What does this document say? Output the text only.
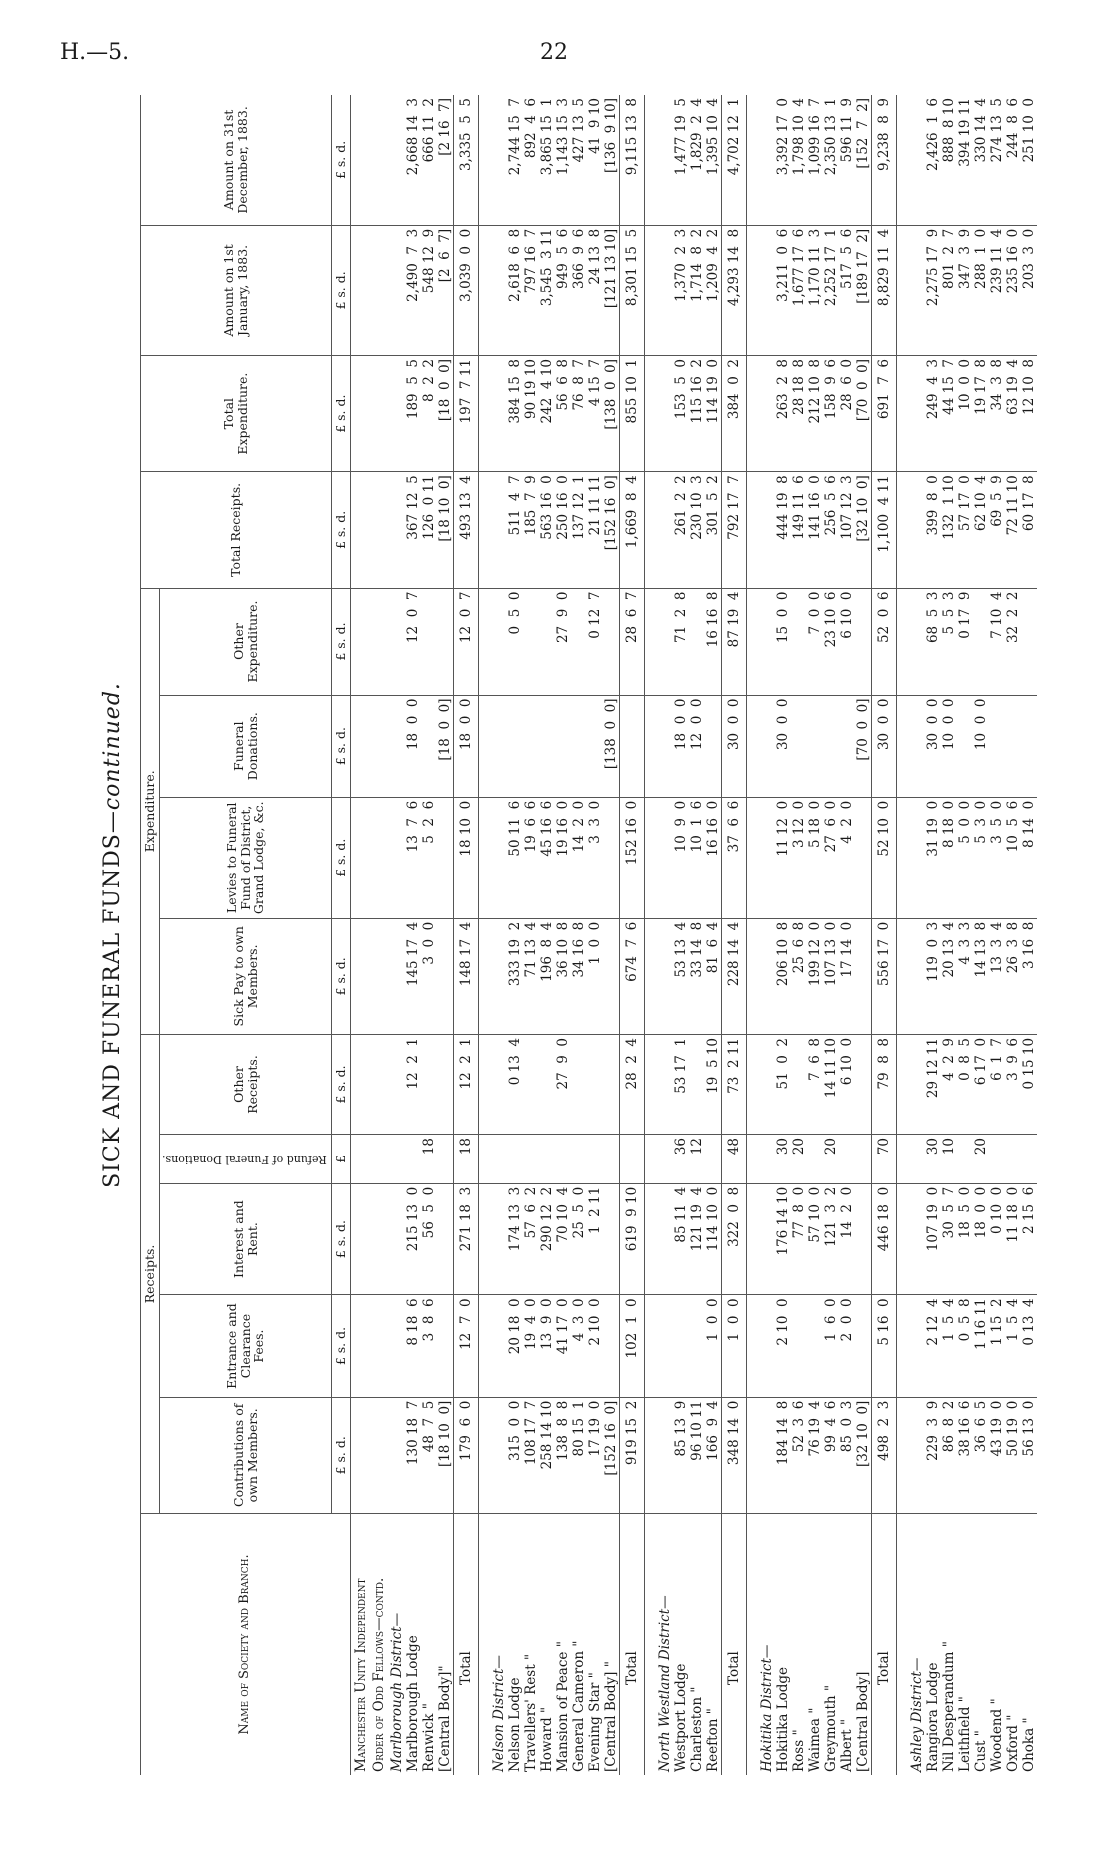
H.—5.	22
SICK AND FUNERAL FUNDS—continued.
Name of Society and Branch.	Receipts.					Expenditure.				Total Receipts.	Total Expenditure.	Amount on 1st January, 1883.	Amount on 31st December, 1883.
	Contributions of own Members.	Entrance and Clearance Fees.	Interest and Rent.	Refund of Funeral Donations.	Other Receipts.	Sick Pay to own Members.	Levies to Funeral Fund of District, Grand Lodge, &c.	Funeral Donations.	Other Expenditure.				
	£ s. d.	£ s. d.	£ s. d.	£	£ s. d.	£ s. d.	£ s. d.	£ s. d.	£ s. d.	£ s. d.	£ s. d.	£ s. d.	£ s. d.
Manchester Unity Independent													
Order of Odd Fellows—contd.													
Marlborough District—													
Marlborough Lodge	130 18  7	8 18  6	215 13  0		12  2  1	145 17  4	13  7  6	18  0  0	12  0  7	367 12  5	189  5  5	2,490  7  3	2,668 14  3
Renwick "	48  7  5	3  8  6	56  5  0	18		3  0  0	5  2  6			126  0 11	8  2  2	548 12  9	666 11  2
[Central Body]"	[18 10  0]							[18  0  0]		[18 10  0]	[18  0  0]	[2  6  7]	[2 16  7]
Total	179  6  0	12  7  0	271 18  3	18	12  2  1	148 17  4	18 10  0	18  0  0	12  0  7	493 13  4	197  7 11	3,039  0  0	3,335  5  5

Nelson District—													
Nelson Lodge	315  0  0	20 18  0	174 13  3		0 13  4	333 19  2	50 11  6		0  5  0	511  4  7	384 15  8	2,618  6  8	2,744 15  7
Travellers' Rest "	108 17  7	19  4  0	57  6  2			71 13  4	19  6  6			185  7  9	90 19 10	797 16  7	892  4  6
Howard "	258 14 10	13  9  0	290 12  2			196  8  4	45 16  6			563 16  0	242  4 10	3,545  3 11	3,865 15  1
Mansion of Peace "	138  8  8	41 17  0	70 10  4		27  9  0	36 10  8	19 16  0		27  9  0	250 16  0	56  6  8	949  5  6	1,143 15  3
General Cameron "	80 15  1	4  3  0	25  5  0			34 16  8	14  2  0			137 12  1	76  8  7	366  9  6	427 13  5
Evening Star "	17 19  0	2 10  0	1  2 11			1  0  0	3  3  0		0 12  7	21 11 11	4 15  7	24 13  8	41  9 10
[Central Body] "	[152 16  0]							[138  0  0]		[152 16  0]	[138  0  0]	[121 13 10]	[136  9 10]
Total	919 15  2	102  1  0	619  9 10		28  2  4	674  7  6	152 16  0		28  6  7	1,669  8  4	855 10  1	8,301 15  5	9,115 13  8

North Westland District—													
Westport Lodge	85 13  9		85 11  4	36	53 17  1	53 13  4	10  9  0	18  0  0	71  2  8	261  2  2	153  5  0	1,370  2  3	1,477 19  5
Charleston "	96 10 11		121 19  4	12		33 14  8	10  1  6	12  0  0		230 10  3	115 16  2	1,714  8  2	1,829  2  4
Reefton "	166  9  4	1  0  0	114 10  0		19  5 10	81  6  4	16 16  0		16 16  8	301  5  2	114 19  0	1,209  4  2	1,395 10  4
Total	348 14  0	1  0  0	322  0  8	48	73  2 11	228 14  4	37  6  6	30  0  0	87 19  4	792 17  7	384  0  2	4,293 14  8	4,702 12  1

Hokitika District—													
Hokitika Lodge	184 14  8	2 10  0	176 14 10	30	51  0  2	206 10  8	11 12  0	30  0  0	15  0  0	444 19  8	263  2  8	3,211  0  6	3,392 17  0
Ross "	52  3  6		77  8  0	20		25  6  8	3 12  0			149 11  6	28 18  8	1,677 17  6	1,798 10  4
Waimea "	76 19  4		57 10  0		7  6  8	199 12  0	5 18  0		7  0  0	141 16  0	212 10  8	1,170 11  3	1,099 16  7
Greymouth "	99  4  6	1  6  0	121  3  2	20	14 11 10	107 13  0	27  6  0		23 10  6	256  5  6	158  9  6	2,252 17  1	2,350 13  1
Albert "	85  0  3	2  0  0	14  2  0		6 10  0	17 14  0	4  2  0		6 10  0	107 12  3	28  6  0	517  5  6	596 11  9
[Central Body]	[32 10  0]							[70  0  0]		[32 10  0]	[70  0  0]	[189 17  2]	[152  7  2]
Total	498  2  3	5 16  0	446 18  0	70	79  8  8	556 17  0	52 10  0	30  0  0	52  0  6	1,100  4 11	691  7  6	8,829 11  4	9,238  8  9

Ashley District—													
Rangiora Lodge	229  3  9	2 12  4	107 19  0	30	29 12 11	119  0  3	31 19  0	30  0  0	68  5  3	399  8  0	249  4  3	2,275 17  9	2,426  1  6
Nil Desperandum "	86  8  2	1  5  4	30  5  7	10	4  2  9	20 13  4	8 18  0	10  0  0	5  5  3	132  1 10	44 15  7	801  2  7	888  8 10
Leithfield "	38 16  6	0  5  8	18  5  0		0  8  5	4  3  3	5  0  0		0 17  9	57 17  0	10  0  0	347  3  9	394 19 11
Cust "	36  6  5	1 16 11	18  0  0	20	6 17  0	14 13  8	5  3  0	10  0  0		62 10  4	19 17  8	288  1  0	330 14  4
Woodend "	43 19  0	1 15  2	0 10  0		6  1  7	13  3  4	3  5  0		7 10  4	69  5  9	34  3  8	239 11  4	274 13  5
Oxford "	50 19  0	1  5  4	11 18  0		3  9  6	26  3  8	10  5  6		32  2  2	72 11 10	63 19  4	235 16  0	244  8  6
Ohoka "	56 13  0	0 13  4	2 15  6		0 15 10	3 16  8	8 14  0			60 17  8	12 10  8	203  3  0	251 10  0
